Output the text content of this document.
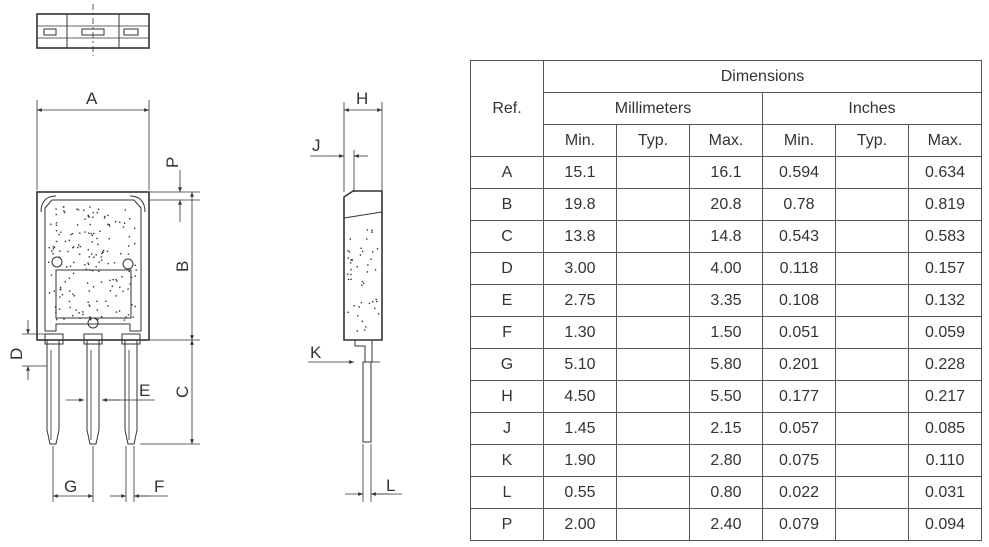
A
P
B
C
D
E
G	F
H
J
K
L
Ref.	Dimensions					
	Millimeters			Inches		
	Min.	Typ.	Max.	Min.	Typ.	Max.
A	15.1		16.1	0.594		0.634
B	19.8		20.8	0.78		0.819
C	13.8		14.8	0.543		0.583
D	3.00		4.00	0.118		0.157
E	2.75		3.35	0.108		0.132
F	1.30		1.50	0.051		0.059
G	5.10		5.80	0.201		0.228
H	4.50		5.50	0.177		0.217
J	1.45		2.15	0.057		0.085
K	1.90		2.80	0.075		0.110
L	0.55		0.80	0.022		0.031
P	2.00		2.40	0.079		0.094
